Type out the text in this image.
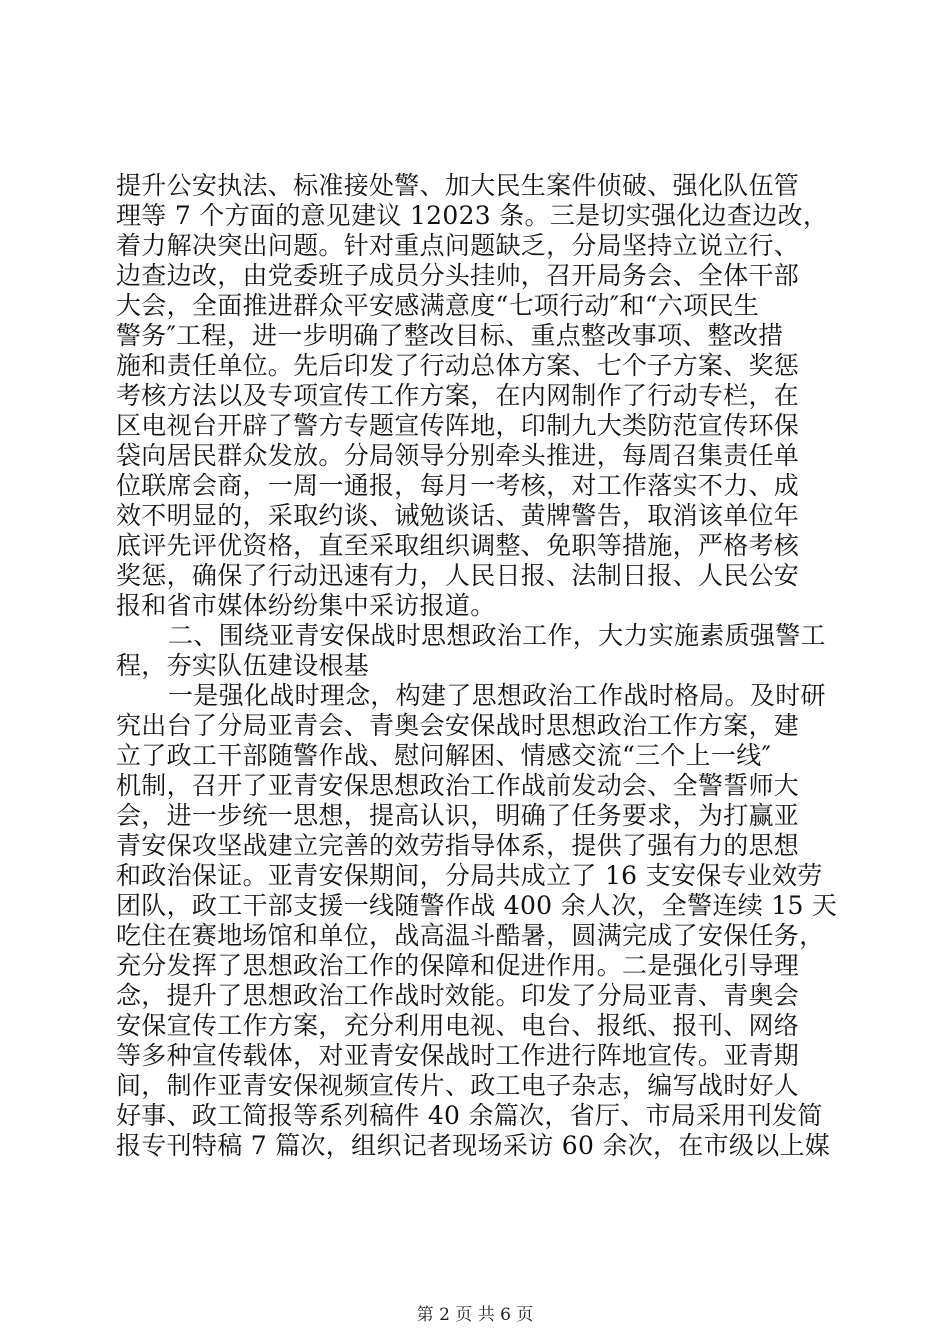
提升公安执法、标准接处警、加大民生案件侦破、强化队伍管
理等 7 个方面的意见建议 12023 条。三是切实强化边查边改，
着力解决突出问题。针对重点问题缺乏，分局坚持立说立行、
边查边改，由党委班子成员分头挂帅，召开局务会、全体干部
大会，全面推进群众平安感满意度“七项行动″和“六项民生
警务″工程，进一步明确了整改目标、重点整改事项、整改措
施和责任单位。先后印发了行动总体方案、七个子方案、奖惩
考核方法以及专项宣传工作方案，在内网制作了行动专栏，在
区电视台开辟了警方专题宣传阵地，印制九大类防范宣传环保
袋向居民群众发放。分局领导分别牵头推进，每周召集责任单
位联席会商，一周一通报，每月一考核，对工作落实不力、成
效不明显的，采取约谈、诫勉谈话、黄牌警告，取消该单位年
底评先评优资格，直至采取组织调整、免职等措施，严格考核
奖惩，确保了行动迅速有力，人民日报、法制日报、人民公安
报和省市媒体纷纷集中采访报道。
二、围绕亚青安保战时思想政治工作，大力实施素质强警工
程，夯实队伍建设根基
一是强化战时理念，构建了思想政治工作战时格局。及时研
究出台了分局亚青会、青奥会安保战时思想政治工作方案，建
立了政工干部随警作战、慰问解困、情感交流“三个上一线″
机制，召开了亚青安保思想政治工作战前发动会、全警誓师大
会，进一步统一思想，提高认识，明确了任务要求，为打赢亚
青安保攻坚战建立完善的效劳指导体系，提供了强有力的思想
和政治保证。亚青安保期间，分局共成立了 16 支安保专业效劳
团队，政工干部支援一线随警作战 400 余人次，全警连续 15 天
吃住在赛地场馆和单位，战高温斗酷暑，圆满完成了安保任务，
充分发挥了思想政治工作的保障和促进作用。二是强化引导理
念，提升了思想政治工作战时效能。印发了分局亚青、青奥会
安保宣传工作方案，充分利用电视、电台、报纸、报刊、网络
等多种宣传载体，对亚青安保战时工作进行阵地宣传。亚青期
间，制作亚青安保视频宣传片、政工电子杂志，编写战时好人
好事、政工简报等系列稿件 40 余篇次，省厅、市局采用刊发简
报专刊特稿 7 篇次，组织记者现场采访 60 余次，在市级以上媒
第 2 页 共 6 页
